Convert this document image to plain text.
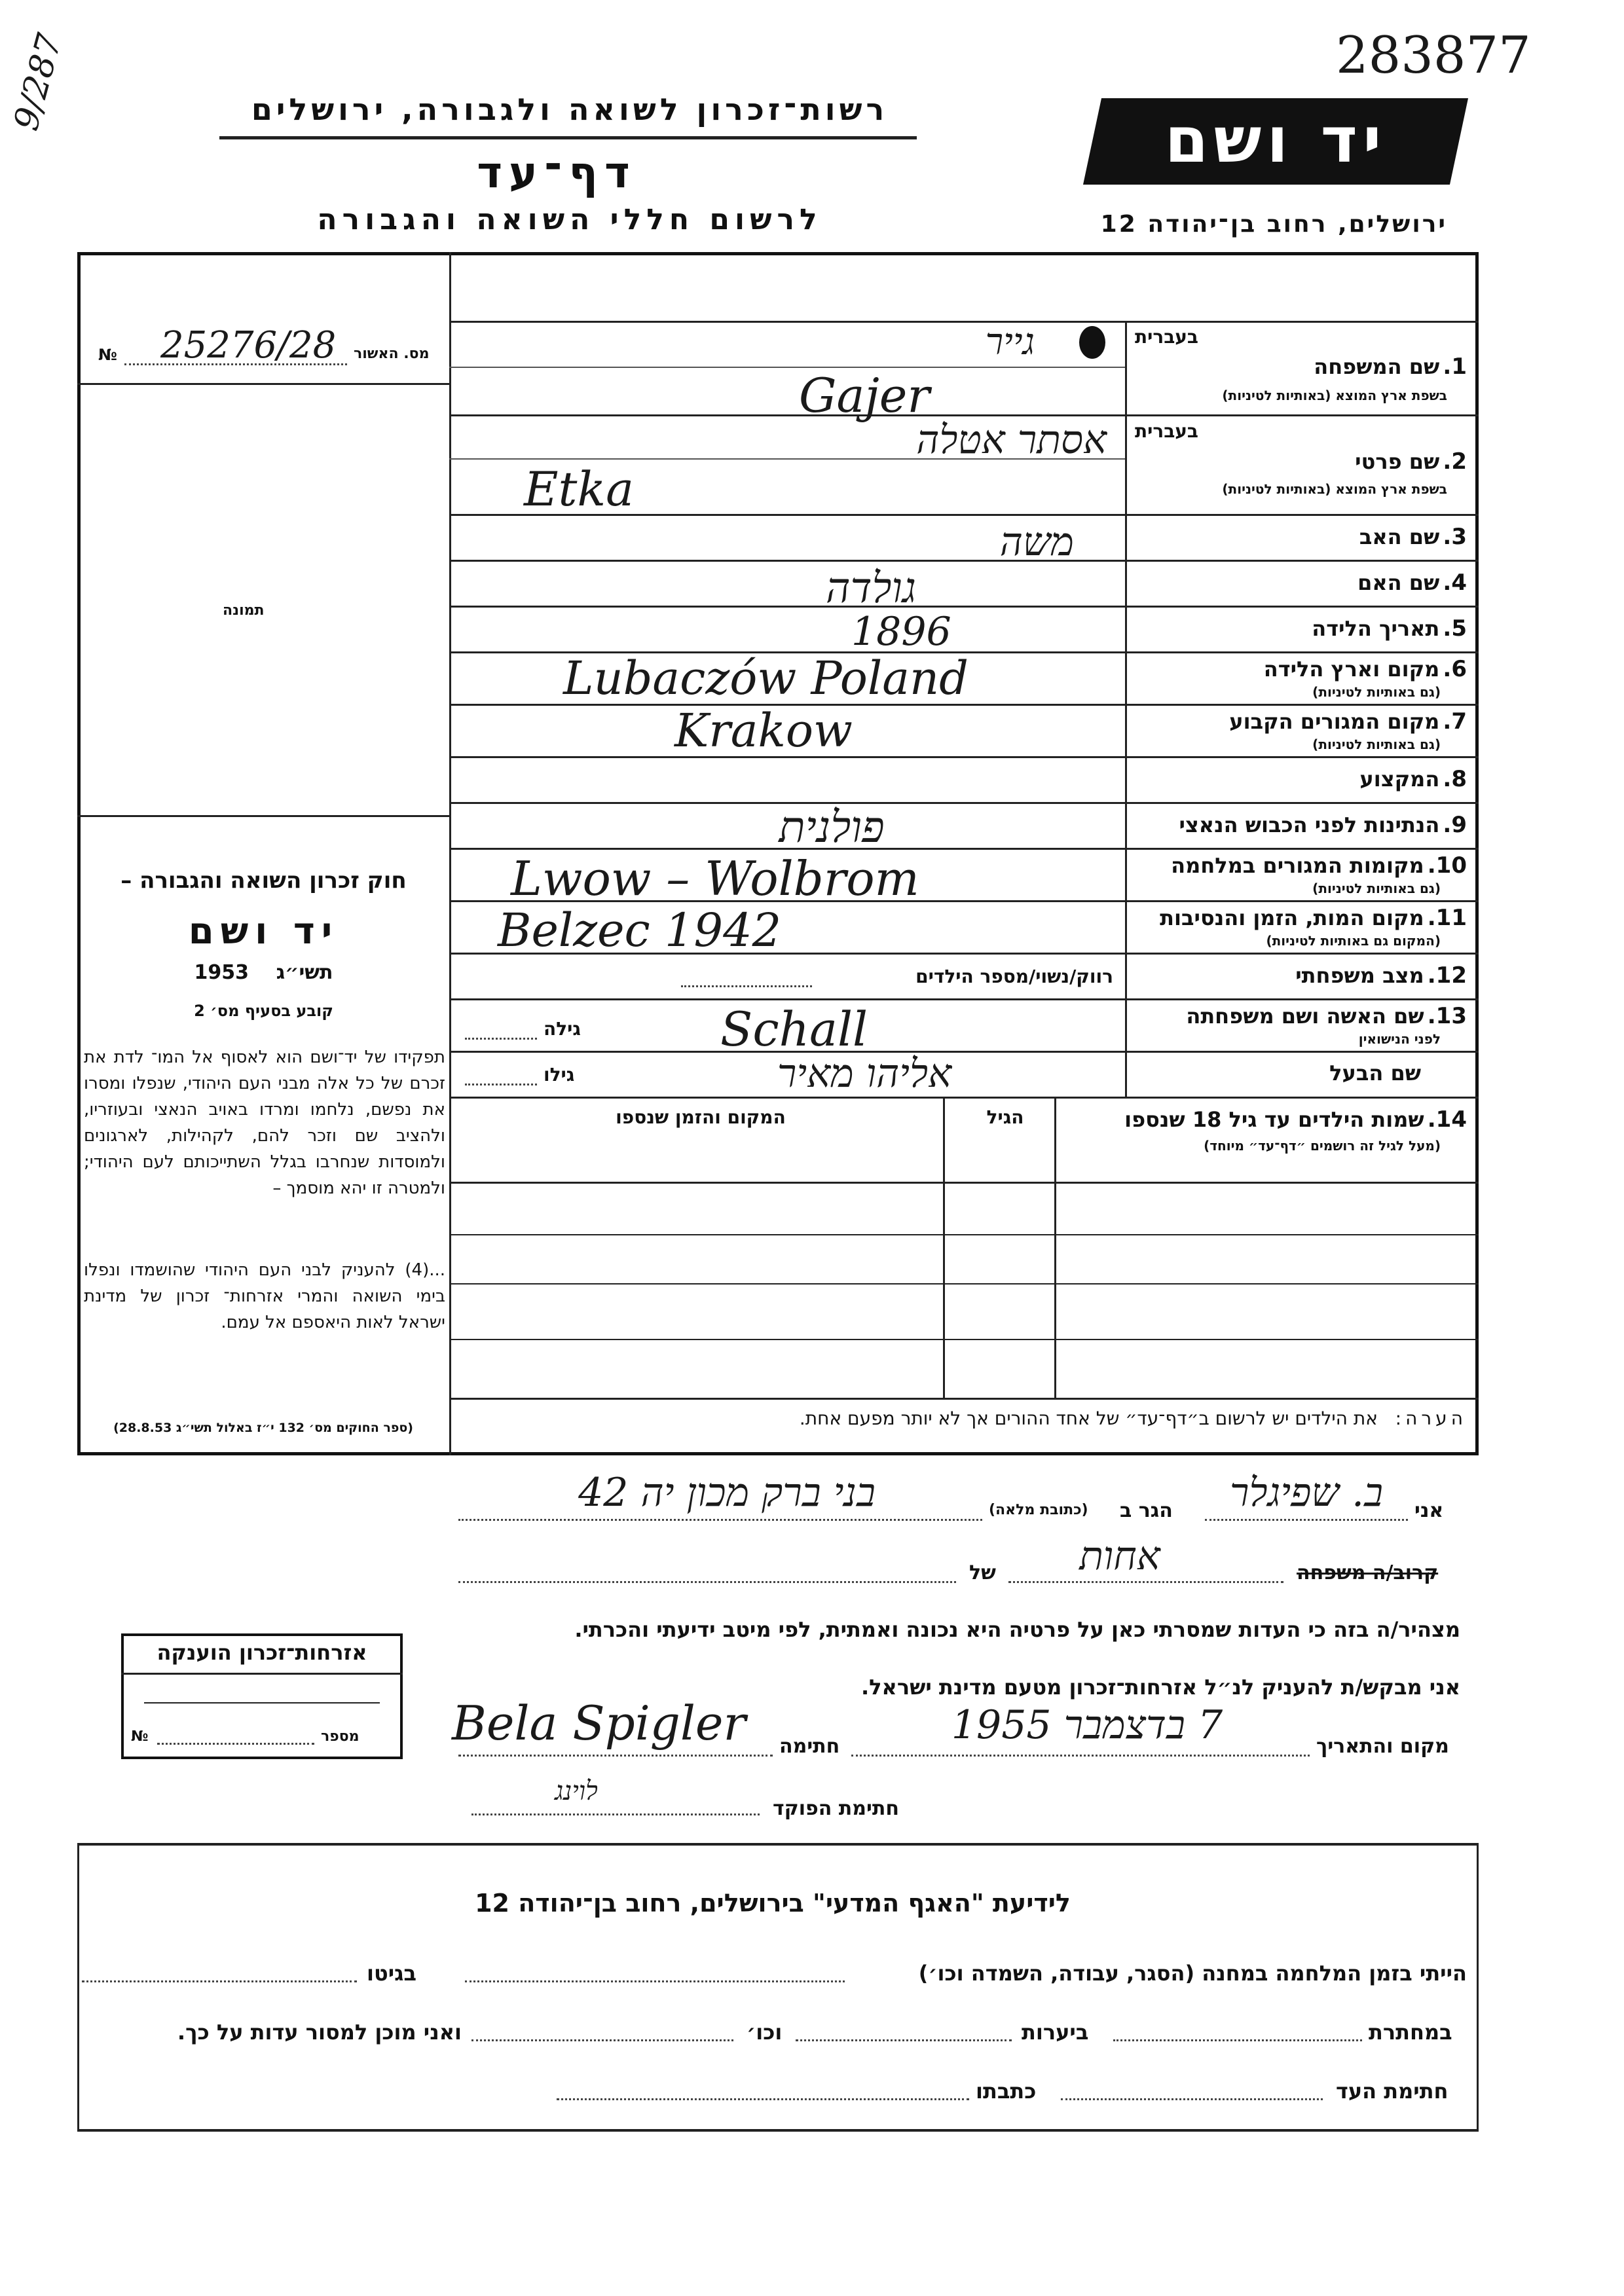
9/287	283877
רשות־זכרון לשואה ולגבורה, ירושלים
דף־עד
לרשום חללי השואה והגבורה
יד ושם
ירושלים, רחוב בן־יהודה 12
מס. האשור
№ 25276/28
תמונה
חוק זכרון השואה והגבורה –
יד ושם
1953 תשי״ג
קובע בסעיף מס׳ 2
תפקידו של יד־ושם הוא לאסוף אל המו־ לדת את זכרם של כל אלה מבני העם היהודי, שנפלו ומסרו את נפשם, נלחמו ומרדו באויב הנאצי ובעוזריו, ולהציב שם וזכר להם, לקהילות, לארגונים ולמוסדות שנחרבו בגלל השתייכותם לעם היהודי; ולמטרה זו יהא מוסמך –
...(4) להעניק לבני העם היהודי שהושמדו ונפלו בימי השואה והמרי אזרחות־ זכרון של מדינת ישראל לאות היאספם אל עמם.
(ספר החוקים מס׳ 132 י״ז באלול תשי״ג 28.8.53)
בעברית
1. שם המשפחה
בשפת ארץ המוצא (באותיות לטיניות)
בעברית
2. שם פרטי
בשפת ארץ המוצא (באותיות לטיניות)
3. שם האב
4. שם האם
5. תאריך הלידה
6. מקום וארץ הלידה
(גם באותיות לטיניות)
7. מקום המגורים הקבוע
(גם באותיות לטיניות)
8. המקצוע
9. הנתינות לפני הכבוש הנאצי
10. מקומות המגורים במלחמה
(גם באותיות לטיניות)
11. מקום המות, הזמן והנסיבות
(המקום גם באותיות לטיניות)
12. מצב משפחתי
13. שם האשה ושם משפחתה
לפני הנישואין
שם הבעל
גייר
Gajer
אסתר אטלה
Etka
משה
גולדה
1896
Lubaczów Poland
Krakow
פולנית
Lwow – Wolbrom
Belzec 1942
רווק/נשוי/מספר הילדים
Schall
גילה
אליהו מאיר
גילו
14. שמות הילדים עד גיל 18 שנספו
(מעל לגיל זה רושמים ״דף־עד״ מיוחד)
הגיל
המקום והזמן שנספו
הערה:   את הילדים יש לרשום ב״דף־עד״ של אחד ההורים אך לא יותר מפעם אחת.
אני
ב. שפיגלר
הגר ב
(כתובת מלאה)
בני ברק מכון יה 42
קרוב/ה משפחה
של	אחות
מצהיר/ה בזה כי העדות שמסרתי כאן על פרטיה היא נכונה ואמתית, לפי מיטב ידיעתי והכרתי.
אני מבקש/ת להעניק לנ״ל אזרחות־זכרון מטעם מדינת ישראל.
מקום והתאריך
7 בדצמבר 1955
חתימה
Bela Spigler
חתימת הפוקד
לוינג
אזרחות־זכרון הוענקה
מספר
№
לידיעת "האגף המדעי" בירושלים, רחוב בן־יהודה 12
הייתי בזמן המלחמה במחנה (הסגר, עבודה, השמדה וכו׳)
בגיטו
במחתרת
ביערות
וכו׳
ואני מוכן למסור עדות על כך.
חתימת העד
כתבתו
